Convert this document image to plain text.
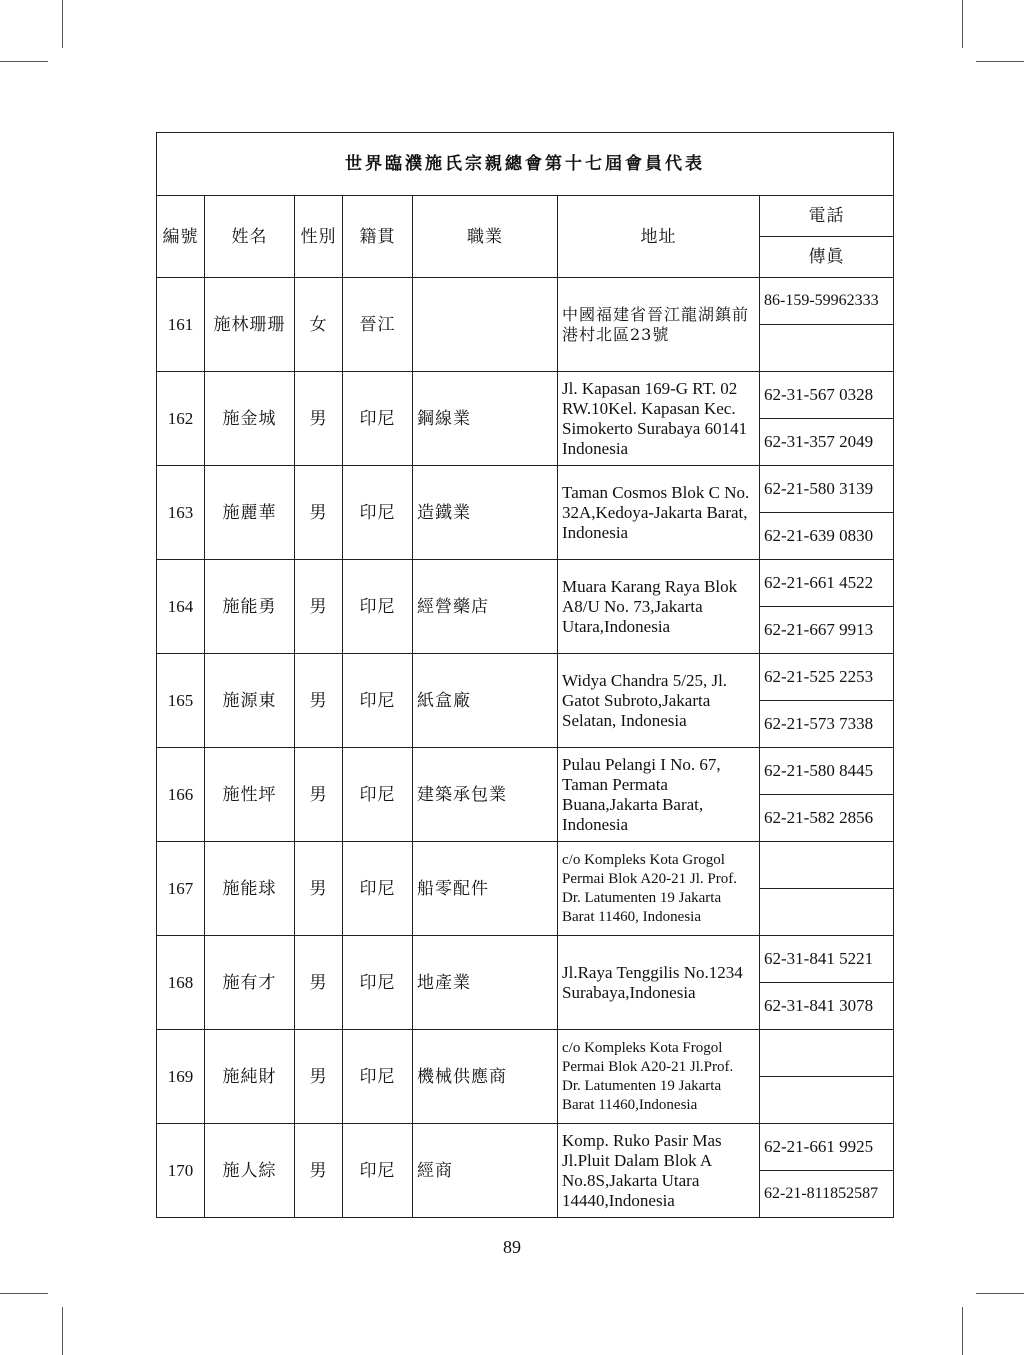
世界臨濮施氏宗親總會第十七屆會員代表						
編號	姓名	性別	籍貫	職業	地址	電話
						傳眞
161	施林珊珊	女	晉江		中國福建省晉江龍湖鎮前港村北區23號	86-159-59962333

162	施金城	男	印尼	鋼線業	Jl. Kapasan 169-G RT. 02 RW.10Kel. Kapasan Kec. Simokerto Surabaya 60141 Indonesia	62-31-567 0328
						62-31-357 2049
163	施麗華	男	印尼	造鐵業	Taman Cosmos Blok C No. 32A,Kedoya-Jakarta Barat, Indonesia	62-21-580 3139
						62-21-639 0830
164	施能勇	男	印尼	經營藥店	Muara Karang Raya Blok A8/U No. 73,Jakarta Utara,Indonesia	62-21-661 4522
						62-21-667 9913
165	施源東	男	印尼	紙盒廠	Widya Chandra 5/25, Jl. Gatot Subroto,Jakarta Selatan, Indonesia	62-21-525 2253
						62-21-573 7338
166	施性坪	男	印尼	建築承包業	Pulau Pelangi I No. 67, Taman Permata Buana,Jakarta Barat, Indonesia	62-21-580 8445
						62-21-582 2856
167	施能球	男	印尼	船零配件	c/o Kompleks Kota Grogol Permai Blok A20-21 Jl. Prof. Dr. Latumenten 19 Jakarta Barat 11460, Indonesia	

168	施有才	男	印尼	地產業	Jl.Raya Tenggilis No.1234 Surabaya,Indonesia	62-31-841 5221
						62-31-841 3078
169	施純財	男	印尼	機械供應商	c/o Kompleks Kota Frogol Permai Blok A20-21 Jl.Prof. Dr. Latumenten 19 Jakarta Barat 11460,Indonesia	

170	施人綜	男	印尼	經商	Komp. Ruko Pasir Mas Jl.Pluit Dalam Blok A No.8S,Jakarta Utara 14440,Indonesia	62-21-661 9925
						62-21-811852587
89
